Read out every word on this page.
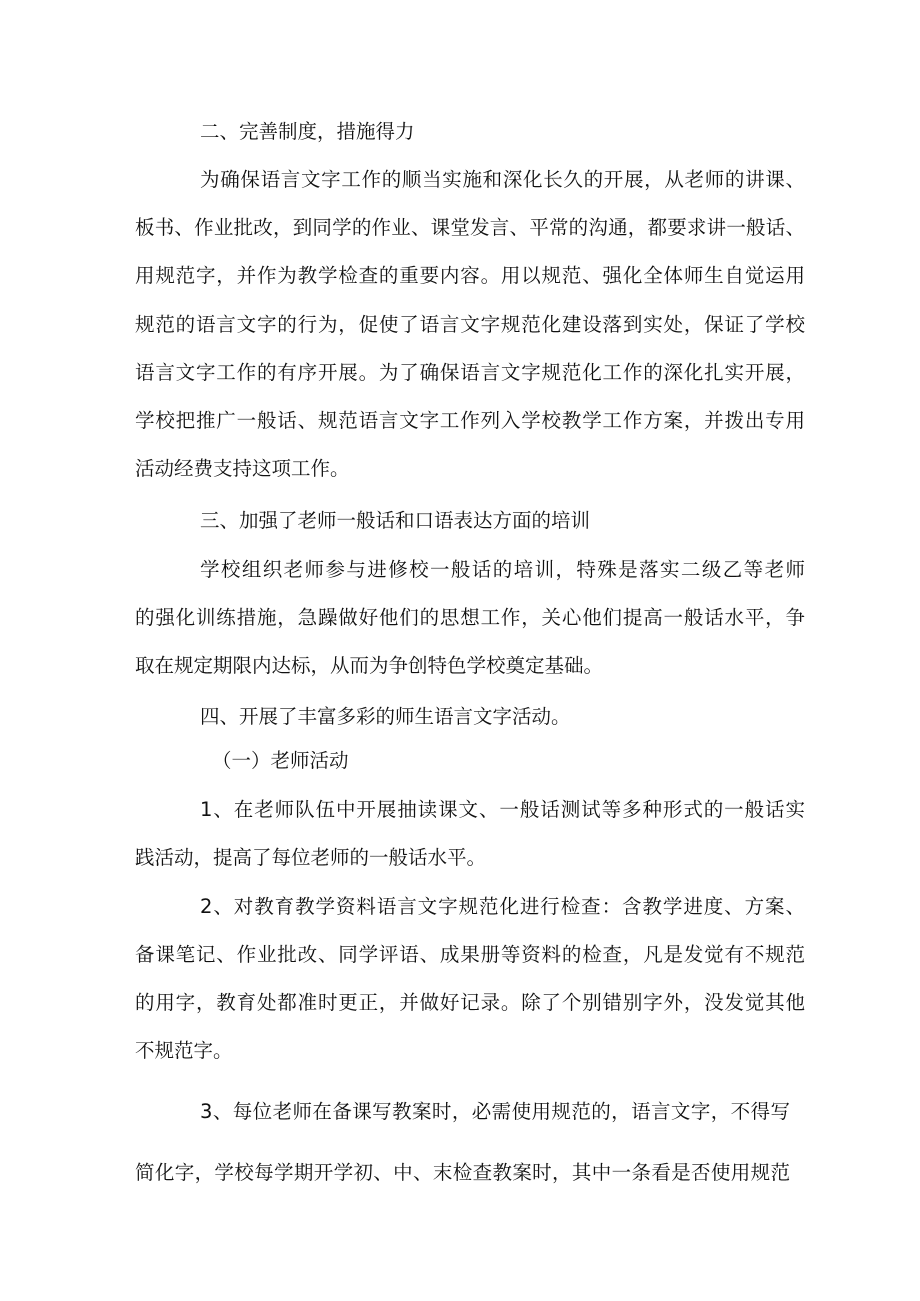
二、完善制度，措施得力
为确保语言文字工作的顺当实施和深化长久的开展，从老师的讲课、
板书、作业批改，到同学的作业、课堂发言、平常的沟通，都要求讲一般话、
用规范字，并作为教学检查的重要内容。用以规范、强化全体师生自觉运用
规范的语言文字的行为，促使了语言文字规范化建设落到实处，保证了学校
语言文字工作的有序开展。为了确保语言文字规范化工作的深化扎实开展，
学校把推广一般话、规范语言文字工作列入学校教学工作方案，并拨出专用
活动经费支持这项工作。
三、加强了老师一般话和口语表达方面的培训
学校组织老师参与进修校一般话的培训，特殊是落实二级乙等老师
的强化训练措施，急躁做好他们的思想工作，关心他们提高一般话水平，争
取在规定期限内达标，从而为争创特色学校奠定基础。
四、开展了丰富多彩的师生语言文字活动。
（一）老师活动
1、在老师队伍中开展抽读课文、一般话测试等多种形式的一般话实
践活动，提高了每位老师的一般话水平。
2、对教育教学资料语言文字规范化进行检查：含教学进度、方案、
备课笔记、作业批改、同学评语、成果册等资料的检查，凡是发觉有不规范
的用字，教育处都准时更正，并做好记录。除了个别错别字外，没发觉其他
不规范字。
3、每位老师在备课写教案时，必需使用规范的，语言文字，不得写
简化字，学校每学期开学初、中、末检查教案时，其中一条看是否使用规范
